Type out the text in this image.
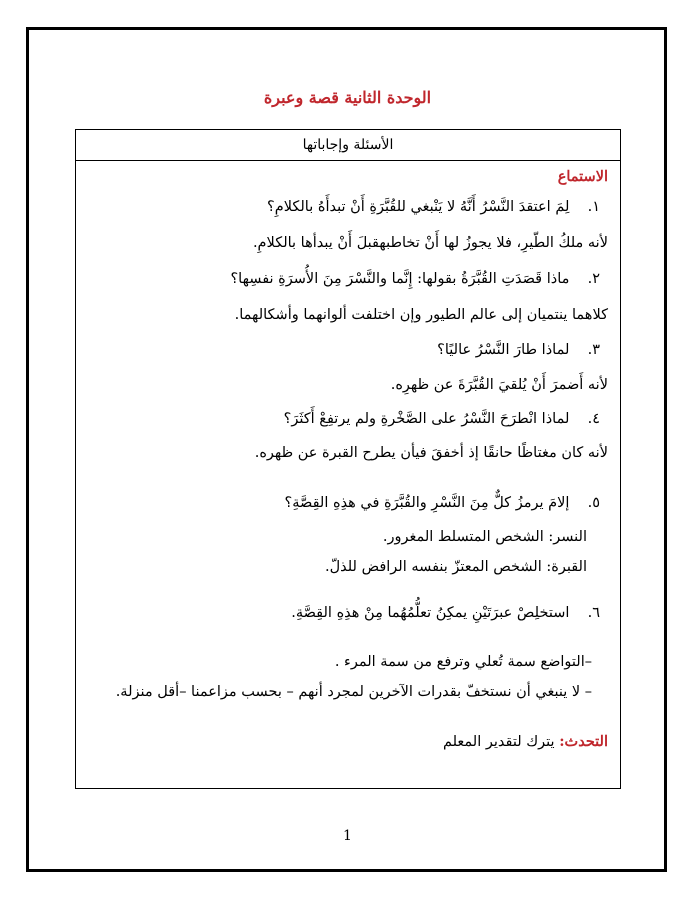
الوحدة الثانية قصة وعبرة
الأسئلة وإجاباتها
الاستماع
١. لِمَ اعتقدَ النَّسْرُ أَنَّهُ لا يَنْبغي للقُبَّرَةِ أَنْ تبدأَهُ بالكلامِ؟
لأنه ملكُ الطّيرِ، فلا يجوزُ لها أَنْ تخاطبهقبلَ أَنْ يبدأها بالكلامِ.
٢. ماذا قَصَدَتِ القُبَّرَةُ بقولها: إِنَّما والنَّسْرَ مِنَ الأُسرَةِ نفسِها؟
كلاهما ينتميان إلى عالم الطيور وإن اختلفت ألوانهما وأشكالهما.
٣. لماذا طارَ النَّسْرُ عاليًا؟
لأنه أَضمرَ أَنْ يُلقيَ القُبَّرَةَ عن ظهرِه.
٤. لماذا انْطرَحَ النَّسْرُ على الصَّخْرةِ ولم يرتفِعْ أَكثَرَ؟
لأنه كان مغتاظًا حانقًا إذ أخفقَ فيأن يطرح القبرة عن ظهره.
٥. إلامَ يرمزُ كلٌّ مِنَ النَّسْرِ والقُبَّرَةِ في هذِهِ القِصَّةِ؟
النسر: الشخص المتسلط المغرور.
القبرة: الشخص المعتزّ بنفسه الرافض للذلّ.
٦. استخلِصْ عبرَتَيْنِ يمكِنُ تعلُّمُهُما مِنْ هذِهِ القِصَّةِ.
–التواضع سمة تُعلي وترفع من سمة المرء .
– لا ينبغي أن نستخفّ بقدرات الآخرين لمجرد أنهم – بحسب مزاعمنا –أقل منزلة.
التحدث: يترك لتقدير المعلم
1
